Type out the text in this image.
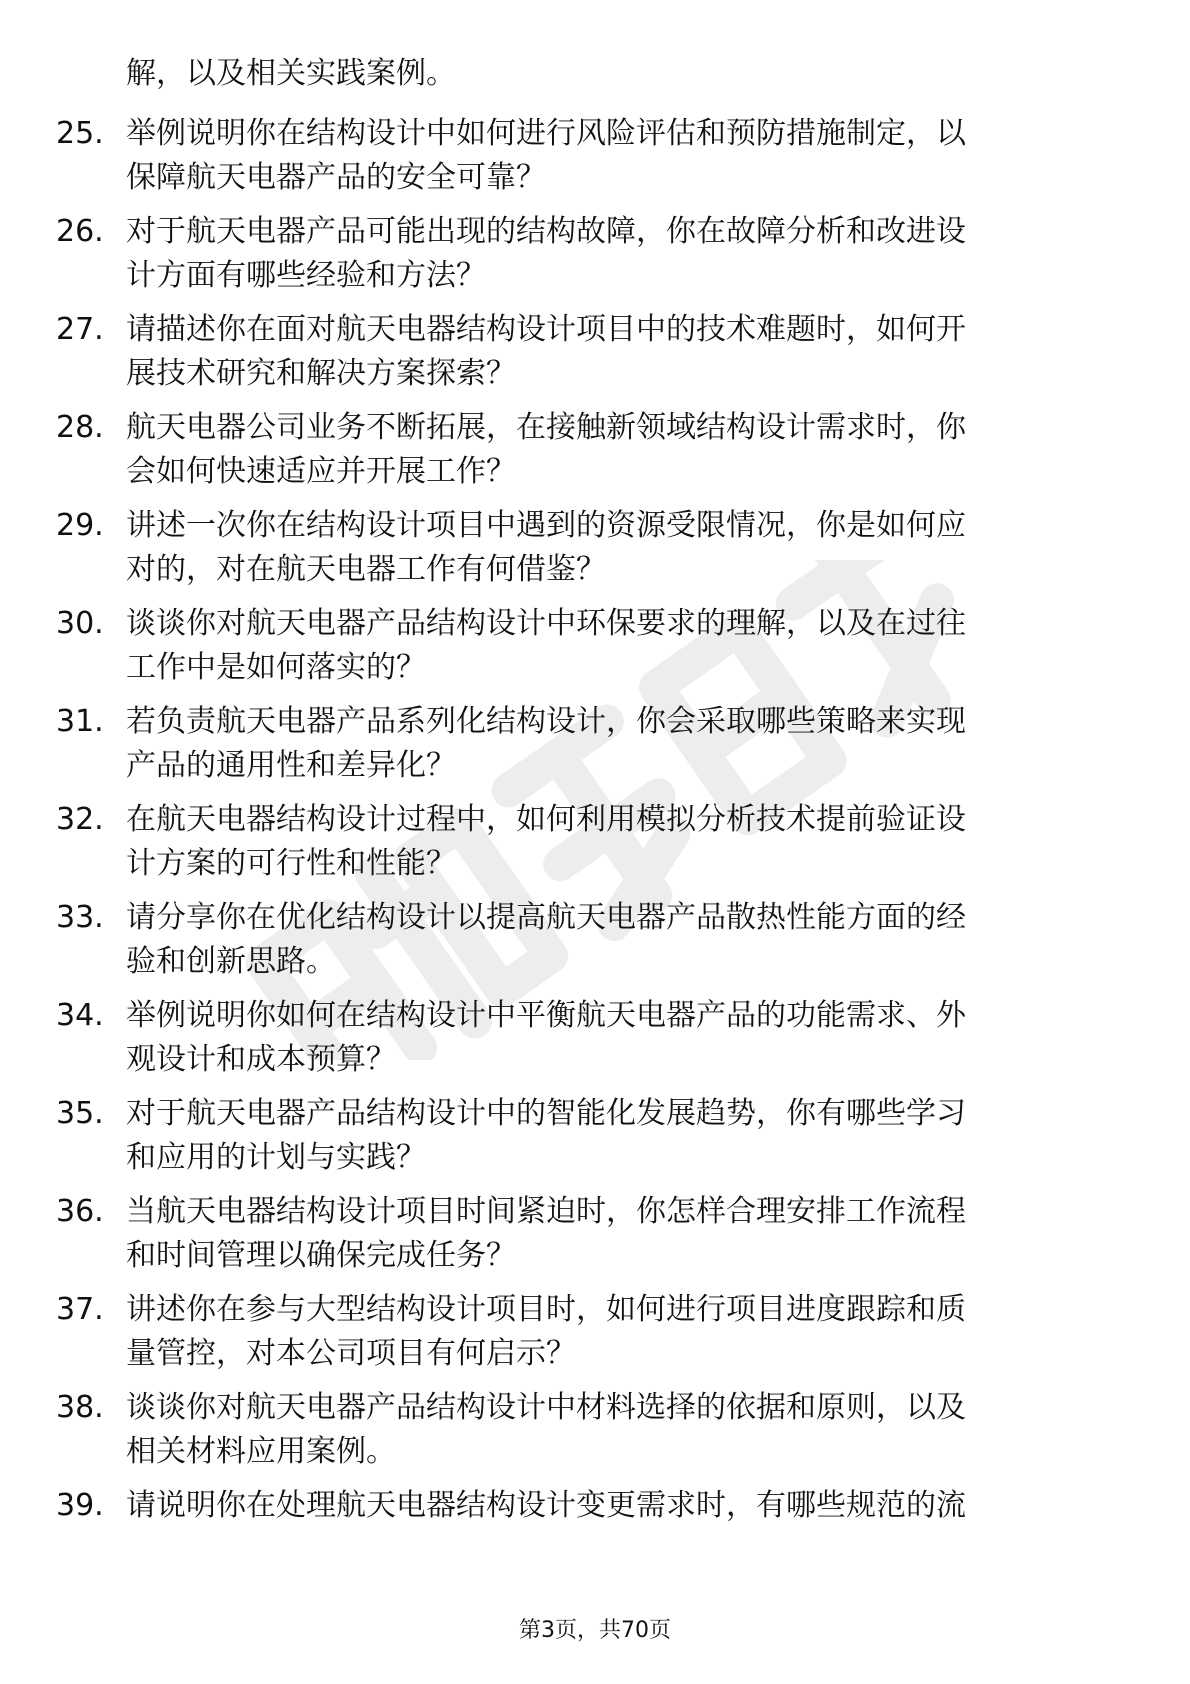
解，以及相关实践案例。
25. 举例说明你在结构设计中如何进行风险评估和预防措施制定，以
保障航天电器产品的安全可靠？
26. 对于航天电器产品可能出现的结构故障，你在故障分析和改进设
计方面有哪些经验和方法？
27. 请描述你在面对航天电器结构设计项目中的技术难题时，如何开
展技术研究和解决方案探索？
28. 航天电器公司业务不断拓展，在接触新领域结构设计需求时，你
会如何快速适应并开展工作？
29. 讲述一次你在结构设计项目中遇到的资源受限情况，你是如何应
对的，对在航天电器工作有何借鉴？
30. 谈谈你对航天电器产品结构设计中环保要求的理解，以及在过往
工作中是如何落实的？
31. 若负责航天电器产品系列化结构设计，你会采取哪些策略来实现
产品的通用性和差异化？
32. 在航天电器结构设计过程中，如何利用模拟分析技术提前验证设
计方案的可行性和性能？
33. 请分享你在优化结构设计以提高航天电器产品散热性能方面的经
验和创新思路。
34. 举例说明你如何在结构设计中平衡航天电器产品的功能需求、外
观设计和成本预算？
35. 对于航天电器产品结构设计中的智能化发展趋势，你有哪些学习
和应用的计划与实践？
36. 当航天电器结构设计项目时间紧迫时，你怎样合理安排工作流程
和时间管理以确保完成任务？
37. 讲述你在参与大型结构设计项目时，如何进行项目进度跟踪和质
量管控，对本公司项目有何启示？
38. 谈谈你对航天电器产品结构设计中材料选择的依据和原则，以及
相关材料应用案例。
39. 请说明你在处理航天电器结构设计变更需求时，有哪些规范的流
第3页，共70页
